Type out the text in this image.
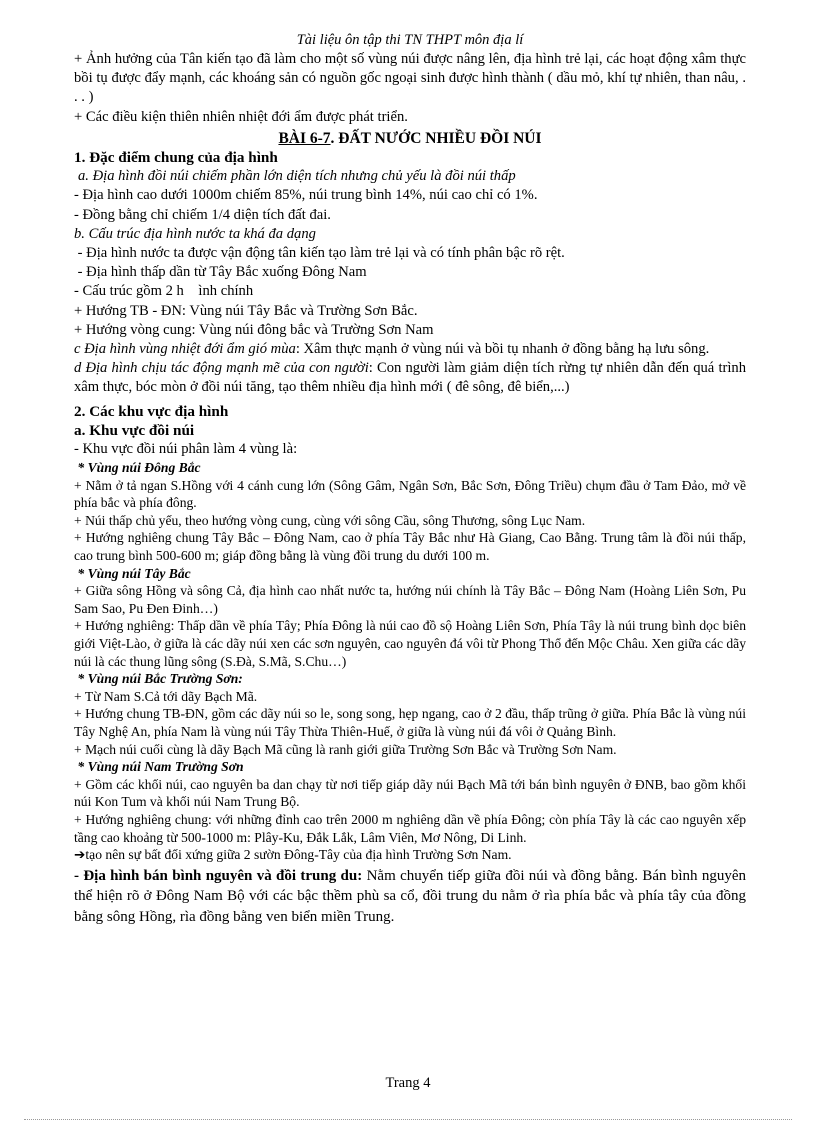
Tài liệu ôn tập thi TN THPT môn địa lí

+ Ảnh hưởng của Tân kiến tạo đã làm cho một số vùng núi được nâng lên, địa hình trẻ lại, các hoạt động xâm thực bồi tụ được đẩy mạnh, các khoáng sản có nguồn gốc ngoại sinh được hình thành ( dầu mỏ, khí tự nhiên, than nâu, . . . )

+ Các điều kiện thiên nhiên nhiệt đới ẩm được phát triển.

BÀI 6-7. ĐẤT NƯỚC NHIỀU ĐỒI NÚI

1. Đặc điểm chung của địa hình

a. Địa hình đồi núi chiếm phần lớn diện tích nhưng chủ yếu là đồi núi thấp

- Địa hình cao dưới 1000m chiếm 85%, núi trung bình 14%, núi cao chỉ có 1%.

- Đồng bằng chỉ chiếm 1/4 diện tích đất đai.

b. Cấu trúc địa hình nước ta khá đa dạng

- Địa hình nước ta được vận động tân kiến tạo làm trẻ lại và có tính phân bậc rõ rệt.

- Địa hình thấp dần từ Tây Bắc xuống Đông Nam

- Cấu trúc gồm 2 h    ình chính

+ Hướng TB - ĐN: Vùng núi Tây Bắc và Trường Sơn Bắc.

+ Hướng vòng cung: Vùng núi đông bắc và Trường Sơn Nam

c Địa hình vùng nhiệt đới ẩm gió mùa: Xâm thực mạnh ở vùng núi và bồi tụ nhanh ở đồng bằng hạ lưu sông.

d Địa hình chịu tác động mạnh mẽ của con người: Con người làm giảm diện tích rừng tự nhiên dẫn đến quá trình xâm thực, bóc mòn ở đồi núi tăng, tạo thêm nhiều địa hình mới ( đê sông, đê biển,...)

2. Các khu vực địa hình

a. Khu vực đồi núi

- Khu vực đồi núi phân làm 4 vùng là:

* Vùng núi Đông Bắc

+ Nằm ở tả ngan S.Hồng với 4 cánh cung lớn (Sông Gâm, Ngân Sơn, Bắc Sơn, Đông Triều) chụm đầu ở Tam Đảo, mở về phía bắc và phía đông.

+ Núi thấp chủ yếu, theo hướng vòng cung, cùng với sông Cầu, sông Thương, sông Lục Nam.

+ Hướng nghiêng chung Tây Bắc – Đông Nam, cao ở phía Tây Bắc như Hà Giang, Cao Bằng. Trung tâm là đồi núi thấp, cao trung bình 500-600 m; giáp đồng bằng là vùng đồi trung du dưới 100 m.

* Vùng núi Tây Bắc

+ Giữa sông Hồng và sông Cả, địa hình cao nhất nước ta, hướng núi chính là Tây Bắc – Đông Nam (Hoàng Liên Sơn, Pu Sam Sao, Pu Đen Đinh…)

+ Hướng nghiêng: Thấp dần về phía Tây; Phía Đông là núi cao đồ sộ Hoàng Liên Sơn, Phía Tây là núi trung bình dọc biên giới Việt-Lào, ở giữa là các dãy núi xen các sơn nguyên, cao nguyên đá vôi từ Phong Thổ đến Mộc Châu. Xen giữa các dãy núi là các thung lũng sông (S.Đà, S.Mã, S.Chu…)

* Vùng núi Bắc Trường Sơn:

+ Từ Nam S.Cả tới dãy Bạch Mã.

+ Hướng chung TB-ĐN, gồm các dãy núi so le, song song, hẹp ngang, cao ở 2 đầu, thấp trũng ở giữa. Phía Bắc là vùng núi Tây Nghệ An, phía Nam là vùng núi Tây Thừa Thiên-Huế, ở giữa là vùng núi đá vôi ở Quảng Bình.

+ Mạch núi cuối cùng là dãy Bạch Mã cũng là ranh giới giữa Trường Sơn Bắc và Trường Sơn Nam.

* Vùng núi Nam Trường Sơn

+ Gồm các khối núi, cao nguyên ba dan chạy từ nơi tiếp giáp dãy núi Bạch Mã tới bán bình nguyên ở ĐNB, bao gồm khối núi Kon Tum và khối núi Nam Trung Bộ.

+ Hướng nghiêng chung: với những đỉnh cao trên 2000 m nghiêng dần về phía Đông; còn phía Tây là các cao nguyên xếp tầng cao khoảng từ 500-1000 m: Plây-Ku, Đắk Lắk, Lâm Viên, Mơ Nông, Di Linh.

➔tạo nên sự bất đối xứng giữa 2 sườn Đông-Tây của địa hình Trường Sơn Nam.

- Địa hình bán bình nguyên và đồi trung du: Nằm chuyển tiếp giữa đồi núi và đồng bằng. Bán bình nguyên thể hiện rõ ở Đông Nam Bộ với các bậc thềm phù sa cổ, đồi trung du nằm ở rìa phía bắc và phía tây của đồng bằng sông Hồng, rìa đồng bằng ven biển miền Trung.

Trang 4
